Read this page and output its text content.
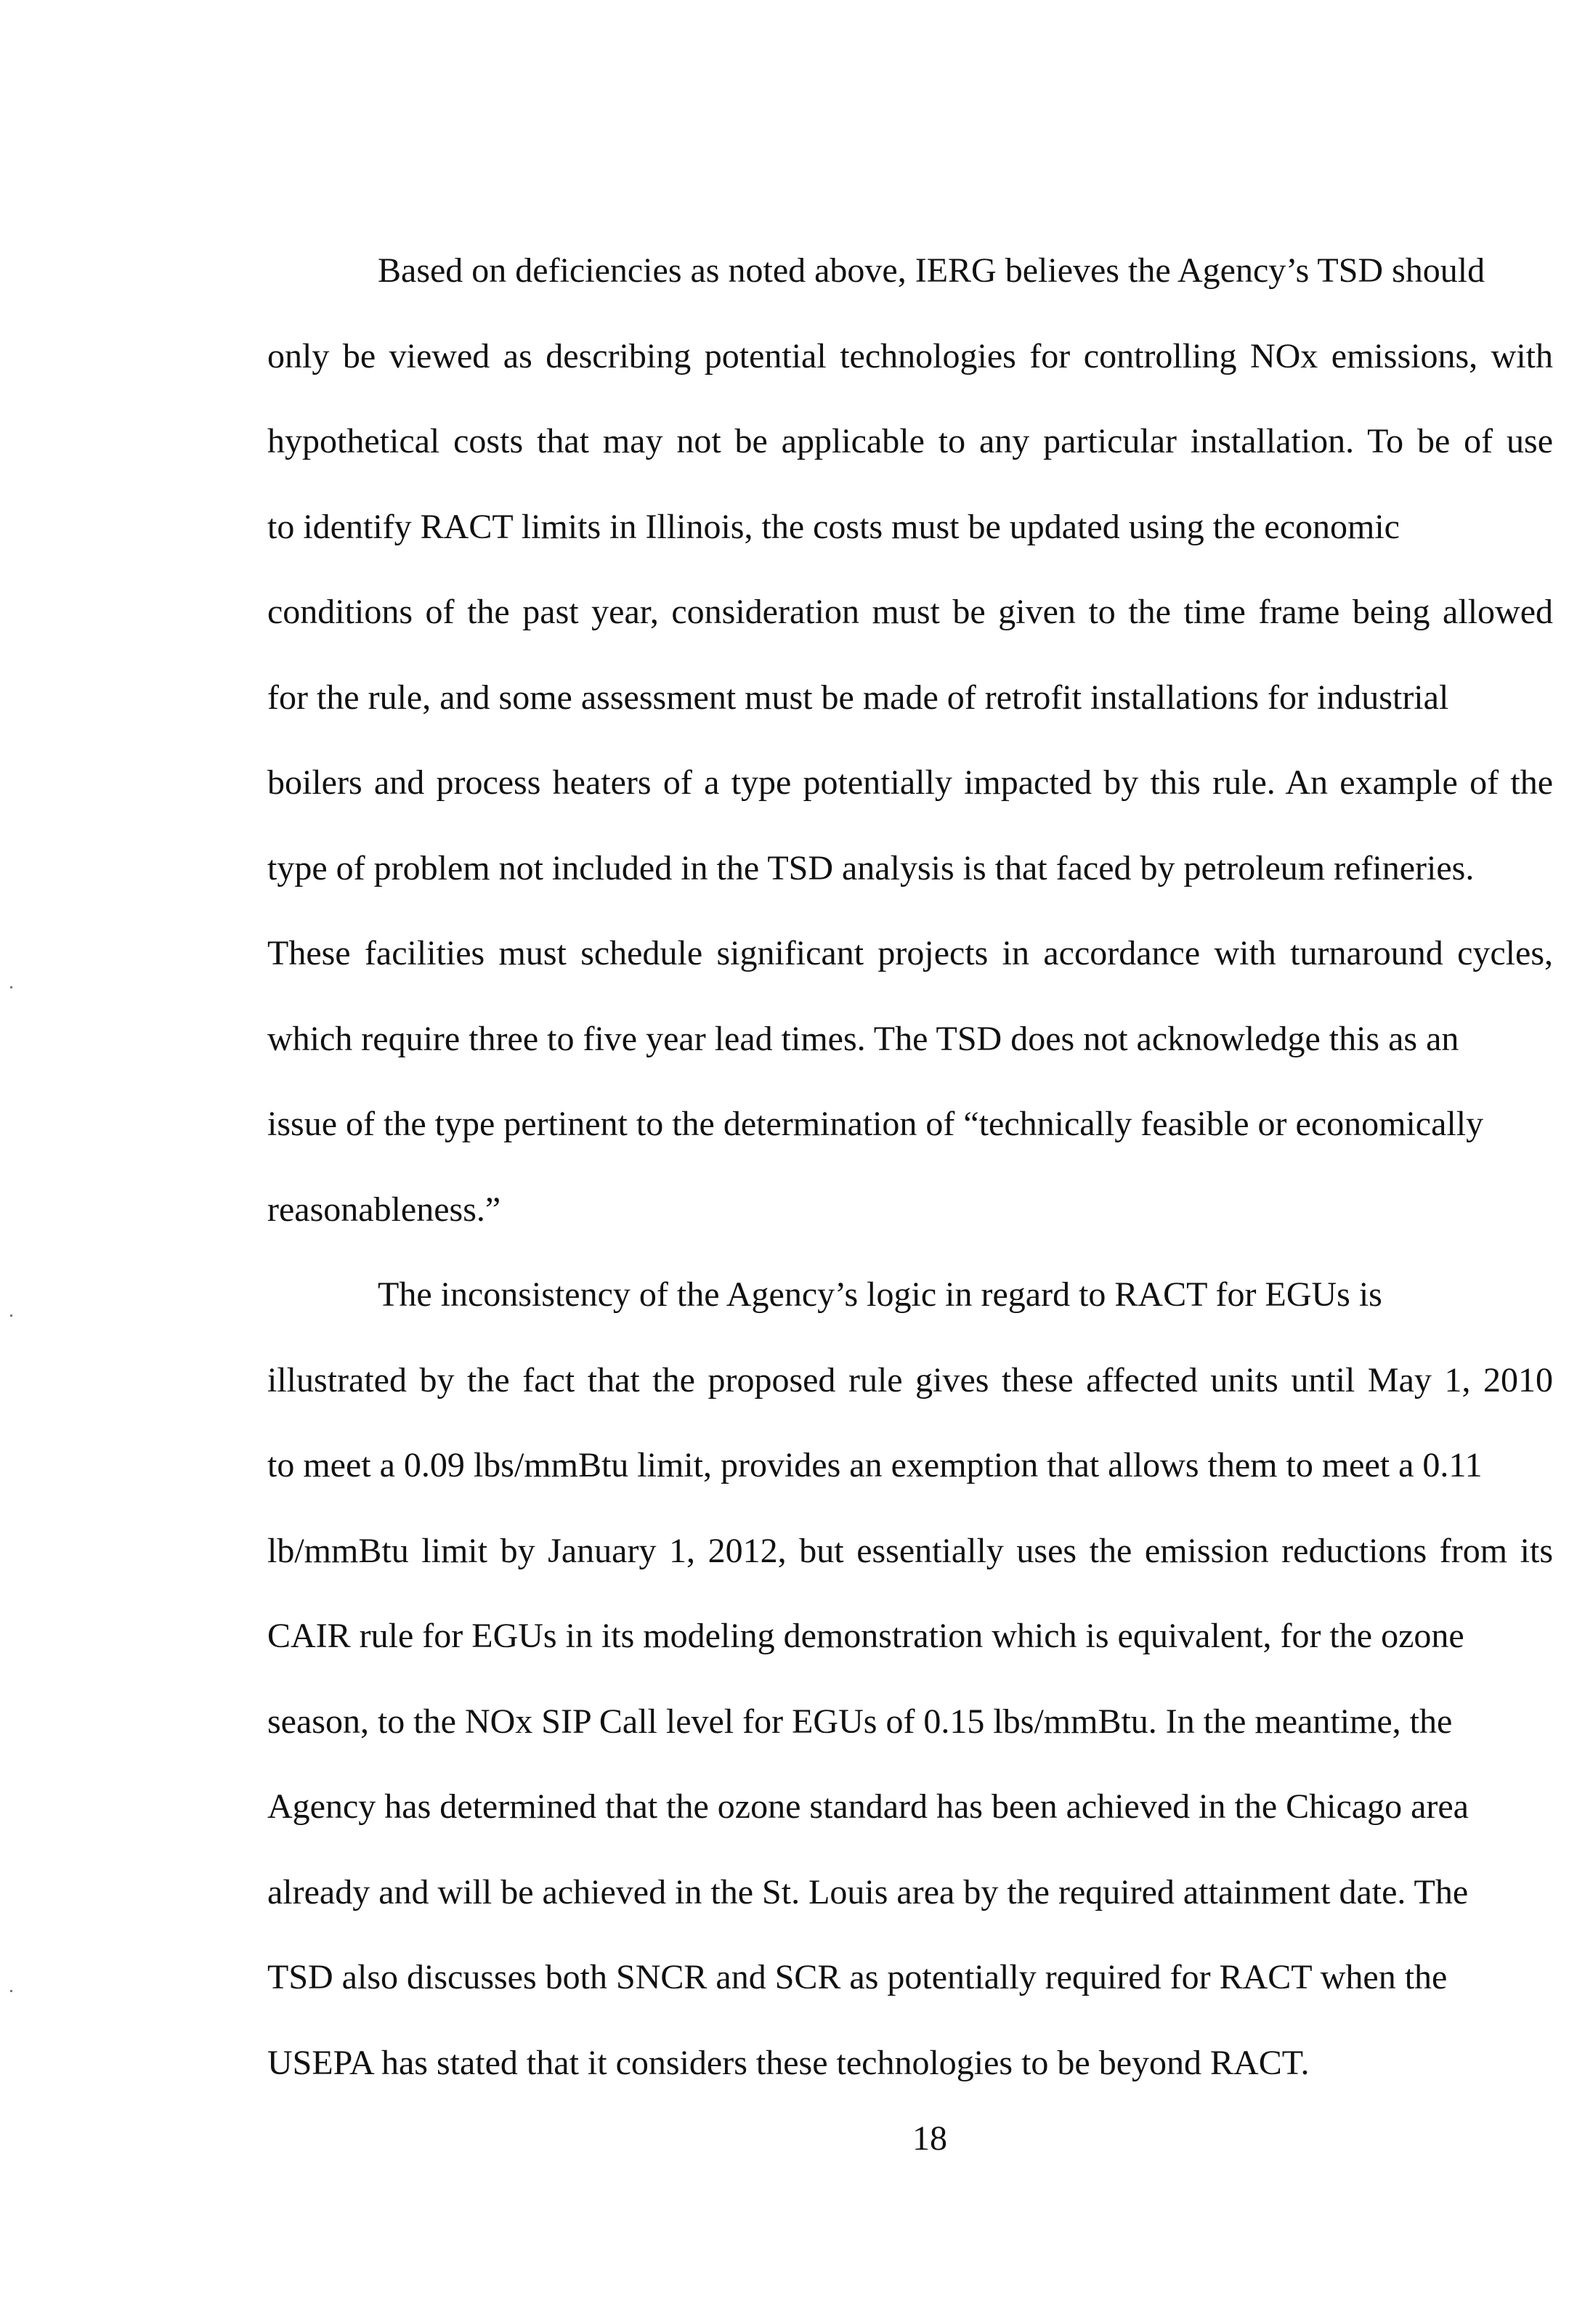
Based on deficiencies as noted above, IERG believes the Agency’s TSD should
only be viewed as describing potential technologies for controlling NOx emissions, with
hypothetical costs that may not be applicable to any particular installation. To be of use
to identify RACT limits in Illinois, the costs must be updated using the economic
conditions of the past year, consideration must be given to the time frame being allowed
for the rule, and some assessment must be made of retrofit installations for industrial
boilers and process heaters of a type potentially impacted by this rule. An example of the
type of problem not included in the TSD analysis is that faced by petroleum refineries.
These facilities must schedule significant projects in accordance with turnaround cycles,
which require three to five year lead times. The TSD does not acknowledge this as an
issue of the type pertinent to the determination of “technically feasible or economically
reasonableness.”
The inconsistency of the Agency’s logic in regard to RACT for EGUs is
illustrated by the fact that the proposed rule gives these affected units until May 1, 2010
to meet a 0.09 lbs/mmBtu limit, provides an exemption that allows them to meet a 0.11
lb/mmBtu limit by January 1, 2012, but essentially uses the emission reductions from its
CAIR rule for EGUs in its modeling demonstration which is equivalent, for the ozone
season, to the NOx SIP Call level for EGUs of 0.15 lbs/mmBtu. In the meantime, the
Agency has determined that the ozone standard has been achieved in the Chicago area
already and will be achieved in the St. Louis area by the required attainment date. The
TSD also discusses both SNCR and SCR as potentially required for RACT when the
USEPA has stated that it considers these technologies to be beyond RACT.
18
